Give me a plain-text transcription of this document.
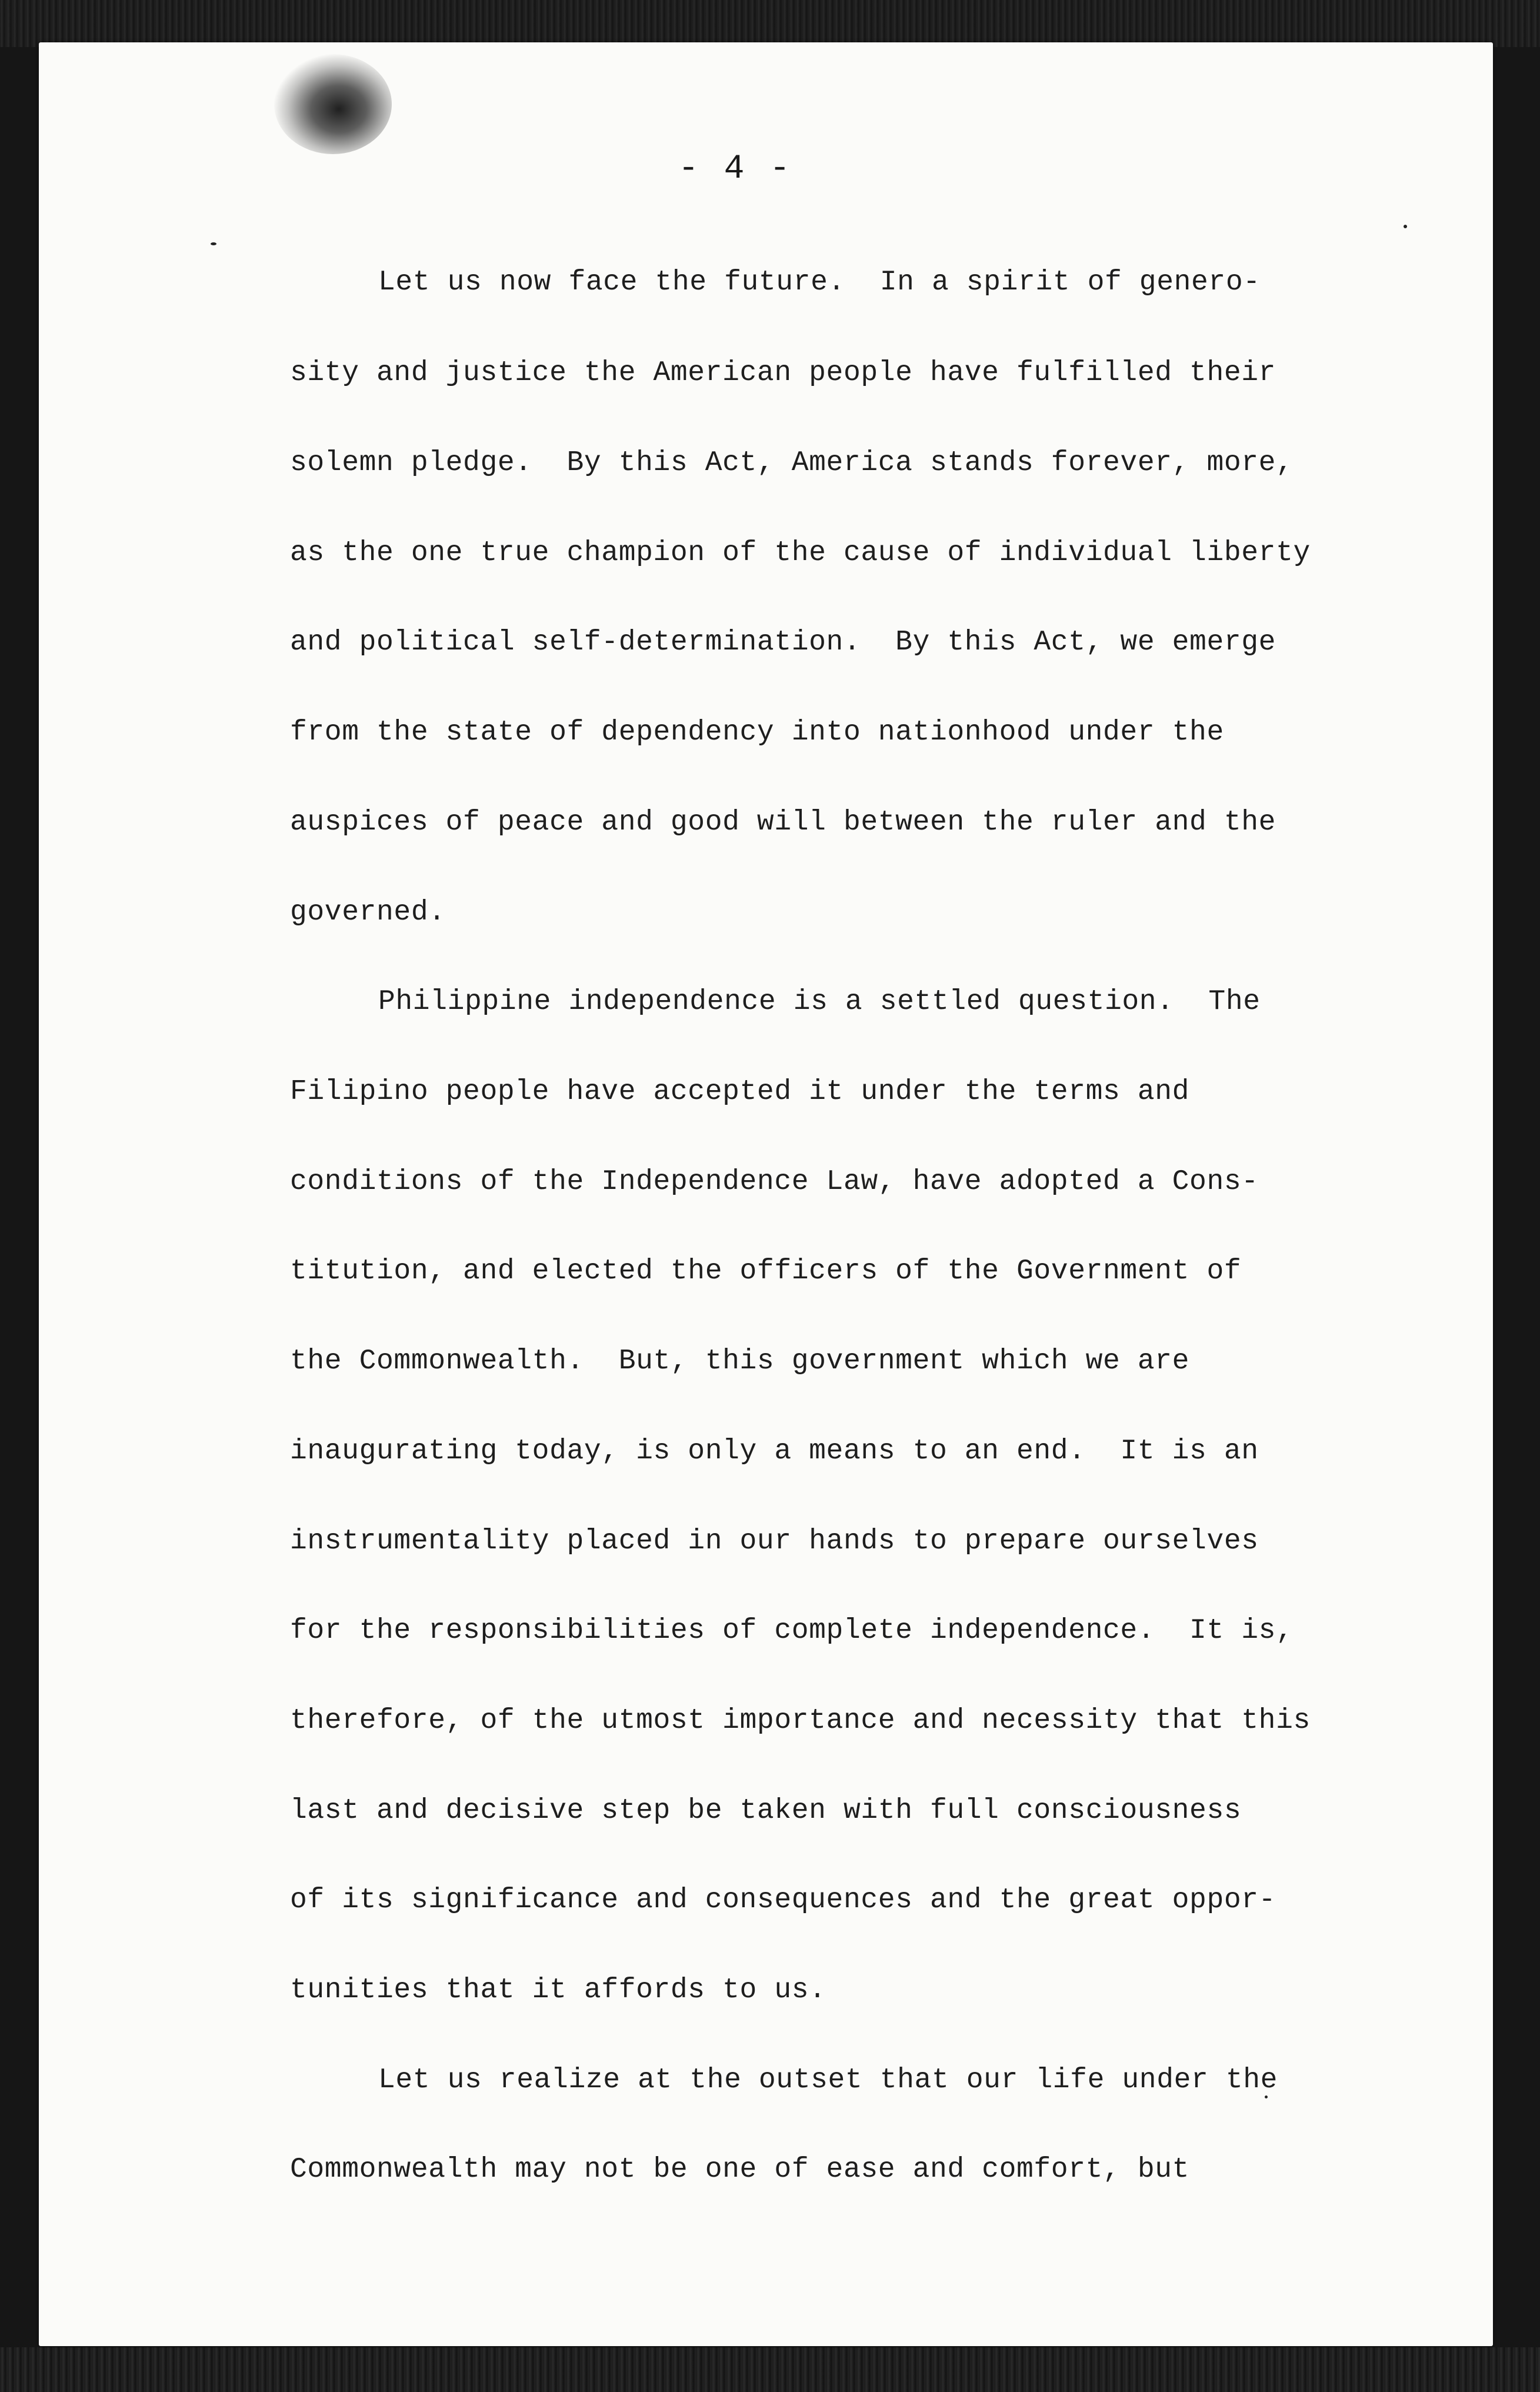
- 4 -
Let us now face the future.  In a spirit of genero-
sity and justice the American people have fulfilled their
solemn pledge.  By this Act, America stands forever, more,
as the one true champion of the cause of individual liberty
and political self-determination.  By this Act, we emerge
from the state of dependency into nationhood under the
auspices of peace and good will between the ruler and the
governed.
Philippine independence is a settled question.  The
Filipino people have accepted it under the terms and
conditions of the Independence Law, have adopted a Cons-
titution, and elected the officers of the Government of
the Commonwealth.  But, this government which we are
inaugurating today, is only a means to an end.  It is an
instrumentality placed in our hands to prepare ourselves
for the responsibilities of complete independence.  It is,
therefore, of the utmost importance and necessity that this
last and decisive step be taken with full consciousness
of its significance and consequences and the great oppor-
tunities that it affords to us.
Let us realize at the outset that our life under the
Commonwealth may not be one of ease and comfort, but
